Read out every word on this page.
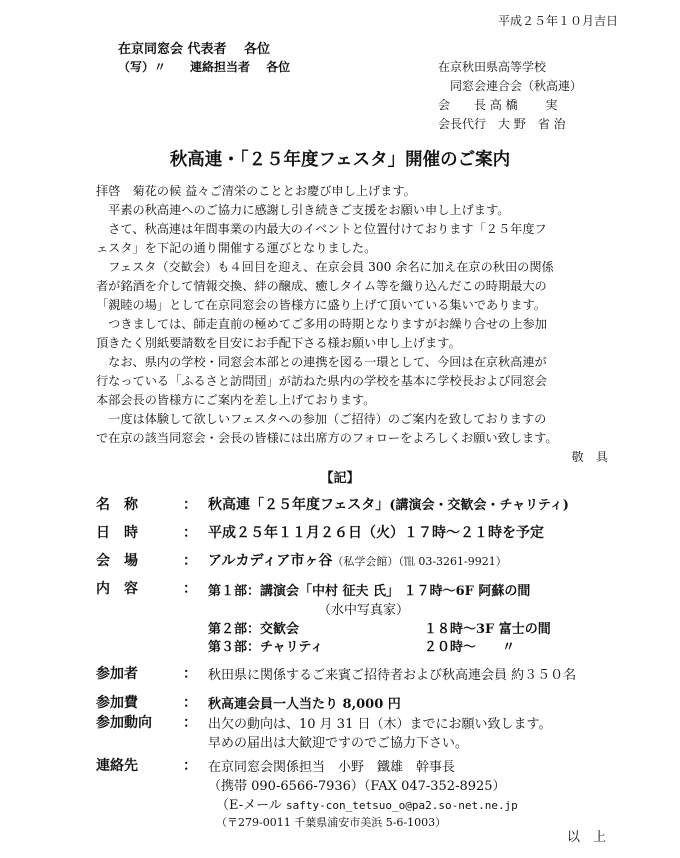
平成２５年１０月吉日
在京同窓会 代表者　 各位
（写）〃　　連絡担当者　 各位	在京秋田県高等学校
同窓会連合会（秋高連）
会　　長 高 橋　　 実
会長代行　大 野　省 治
秋高連・「２５年度フェスタ」開催のご案内
拝啓　菊花の候 益々ご清栄のこととお慶び申し上げます。
　平素の秋高連へのご協力に感謝し引き続きご支援をお願い申し上げます。
　さて、秋高連は年間事業の内最大のイベントと位置付けております「２５年度フ
ェスタ」を下記の通り開催する運びとなりました。
　フェスタ（交歓会）も４回目を迎え、在京会員 300 余名に加え在京の秋田の関係
者が銘酒を介して情報交換、絆の醸成、癒しタイム等を織り込んだこの時期最大の
「親睦の場」として在京同窓会の皆様方に盛り上げて頂いている集いであります。
　つきましては、師走直前の極めてご多用の時期となりますがお繰り合せの上参加
頂きたく別紙要請数を目安にお手配下さる様お願い申し上げます。
　なお、県内の学校・同窓会本部との連携を図る一環として、今回は在京秋高連が
行なっている「ふるさと訪問団」が訪ねた県内の学校を基本に学校長および同窓会
本部会長の皆様方にご案内を差し上げております。
　一度は体験して欲しいフェスタへの参加（ご招待）のご案内を致しておりますの
で在京の該当同窓会・会長の皆様には出席方のフォローをよろしくお願い致します。
敬　具
【記】
名　称	： 秋高連「２５年度フェスタ」(講演会・交歓会・チャリティ)
日　時	： 平成２５年１１月２６日（火）１７時～２１時を予定
会　場	： アルカディア市ヶ谷（私学会館）（℡ 03-3261-9921）
内　容	： 第１部：講演会「中村 征夫 氏」 １７時～6F 阿蘇の間
（水中写真家）
第２部：交歓会	１８時～3F 富士の間
第３部：チャリティ	２０時～　　〃
参加者	： 秋田県に関係するご来賓ご招待者および秋高連会員 約３５０名
参加費	： 秋高連会員一人当たり 8,000 円
参加動向 ： 出欠の動向は、10 月 31 日（木）までにお願い致します。
早めの届出は大歓迎ですのでご協力下さい。
連絡先	： 在京同窓会関係担当　小野　鐵雄　幹事長
（携帯 090-6566-7936）（FAX 047-352-8925）
（E-メール safty-con_tetsuo_o@pa2.so-net.ne.jp
（〒279-0011 千葉県浦安市美浜 5-6-1003）
以　上
